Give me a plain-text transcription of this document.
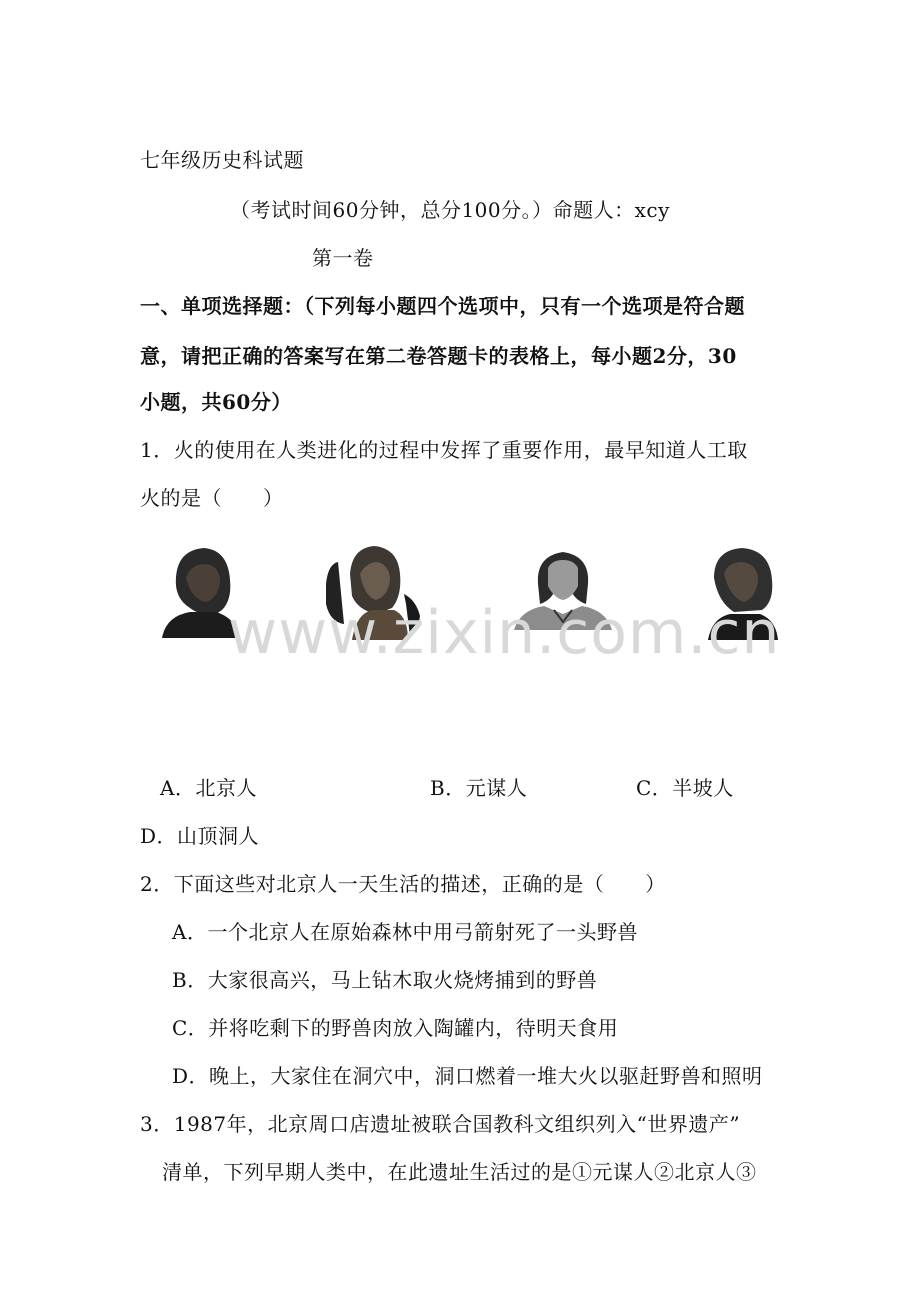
七年级历史科试题
（考试时间60分钟，总分100分。）命题人：xcy
第一卷
一、单项选择题：（下列每小题四个选项中，只有一个选项是符合题
意，请把正确的答案写在第二卷答题卡的表格上，每小题2分，30
小题，共60分）
1．火的使用在人类进化的过程中发挥了重要作用，最早知道人工取
火的是（　　）
www.zixin.com.cn
A．北京人	B．元谋人	C．半坡人
D．山顶洞人
2．下面这些对北京人一天生活的描述，正确的是（　　）
A．一个北京人在原始森林中用弓箭射死了一头野兽
B．大家很高兴，马上钻木取火烧烤捕到的野兽
C．并将吃剩下的野兽肉放入陶罐内，待明天食用
D．晚上，大家住在洞穴中，洞口燃着一堆大火以驱赶野兽和照明
3．1987年，北京周口店遗址被联合国教科文组织列入“世界遗产”
清单，下列早期人类中，在此遗址生活过的是①元谋人②北京人③
